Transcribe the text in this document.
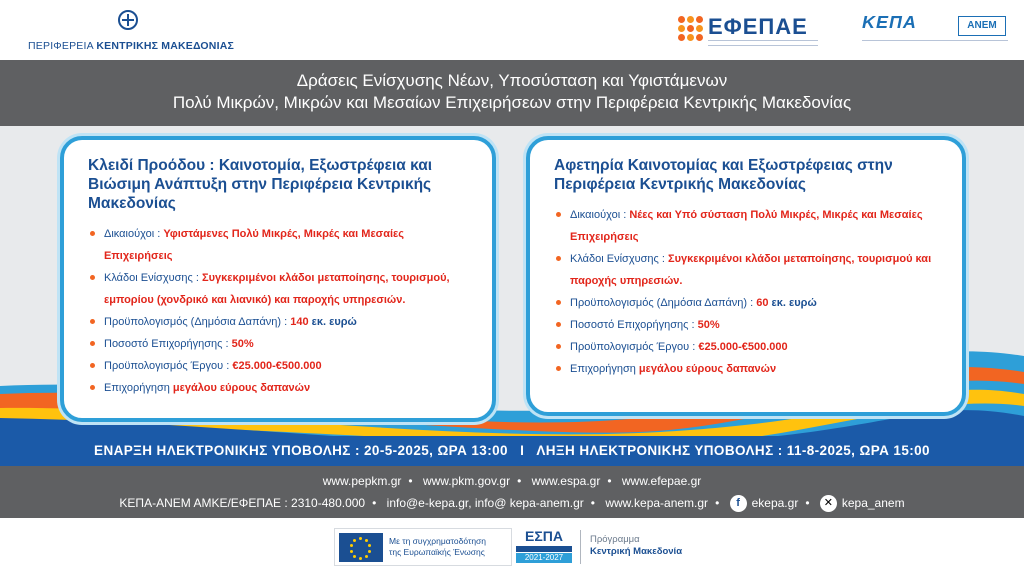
ΠΕΡΙΦΕΡΕΙΑ ΚΕΝΤΡΙΚΗΣ ΜΑΚΕΔΟΝΙΑΣ
ΕΦΕΠΑΕ	ΚΕΠΑ	ΑΝΕΜ
Δράσεις Ενίσχυσης Νέων, Υποσύσταση και Υφιστάμενων
Πολύ Μικρών, Μικρών και Μεσαίων Επιχειρήσεων στην Περιφέρεια Κεντρικής Μακεδονίας
Κλειδί Προόδου : Καινοτομία, Εξωστρέφεια και Βιώσιμη Ανάπτυξη στην Περιφέρεια Κεντρικής Μακεδονίας
Δικαιούχοι : Υφιστάμενες Πολύ Μικρές, Μικρές και Μεσαίες Επιχειρήσεις
Κλάδοι Ενίσχυσης : Συγκεκριμένοι κλάδοι μεταποίησης, τουρισμού, εμπορίου (χονδρικό και λιανικό) και παροχής υπηρεσιών.
Προϋπολογισμός (Δημόσια Δαπάνη) : 140 εκ. ευρώ
Ποσοστό Επιχορήγησης : 50%
Προϋπολογισμός Έργου : €25.000-€500.000
Επιχορήγηση μεγάλου εύρους δαπανών
Αφετηρία Καινοτομίας και Εξωστρέφειας στην Περιφέρεια Κεντρικής Μακεδονίας
Δικαιούχοι : Νέες και Υπό σύσταση Πολύ Μικρές, Μικρές και Μεσαίες Επιχειρήσεις
Κλάδοι Ενίσχυσης : Συγκεκριμένοι κλάδοι μεταποίησης, τουρισμού και παροχής υπηρεσιών.
Προϋπολογισμός (Δημόσια Δαπάνη) : 60 εκ. ευρώ
Ποσοστό Επιχορήγησης : 50%
Προϋπολογισμός Έργου : €25.000-€500.000
Επιχορήγηση μεγάλου εύρους δαπανών
ΕΝΑΡΞΗ ΗΛΕΚΤΡΟΝΙΚΗΣ ΥΠΟΒΟΛΗΣ : 20-5-2025, ΩΡΑ 13:00 I ΛΗΞΗ ΗΛΕΚΤΡΟΝΙΚΗΣ ΥΠΟΒΟΛΗΣ : 11-8-2025, ΩΡΑ 15:00
www.pepkm.gr • www.pkm.gov.gr • www.espa.gr • www.efepae.gr
ΚΕΠΑ-ΑΝΕΜ ΑΜΚΕ/ΕΦΕΠΑΕ : 2310-480.000 • info@e-kepa.gr, info@ kepa-anem.gr • www.kepa-anem.gr • f ekepa.gr • ✕ kepa_anem
Με τη συγχρηματοδότηση
της Ευρωπαϊκής Ένωσης
ΕΣΠΑ
2021-2027
Πρόγραμμα
Κεντρική Μακεδονία
